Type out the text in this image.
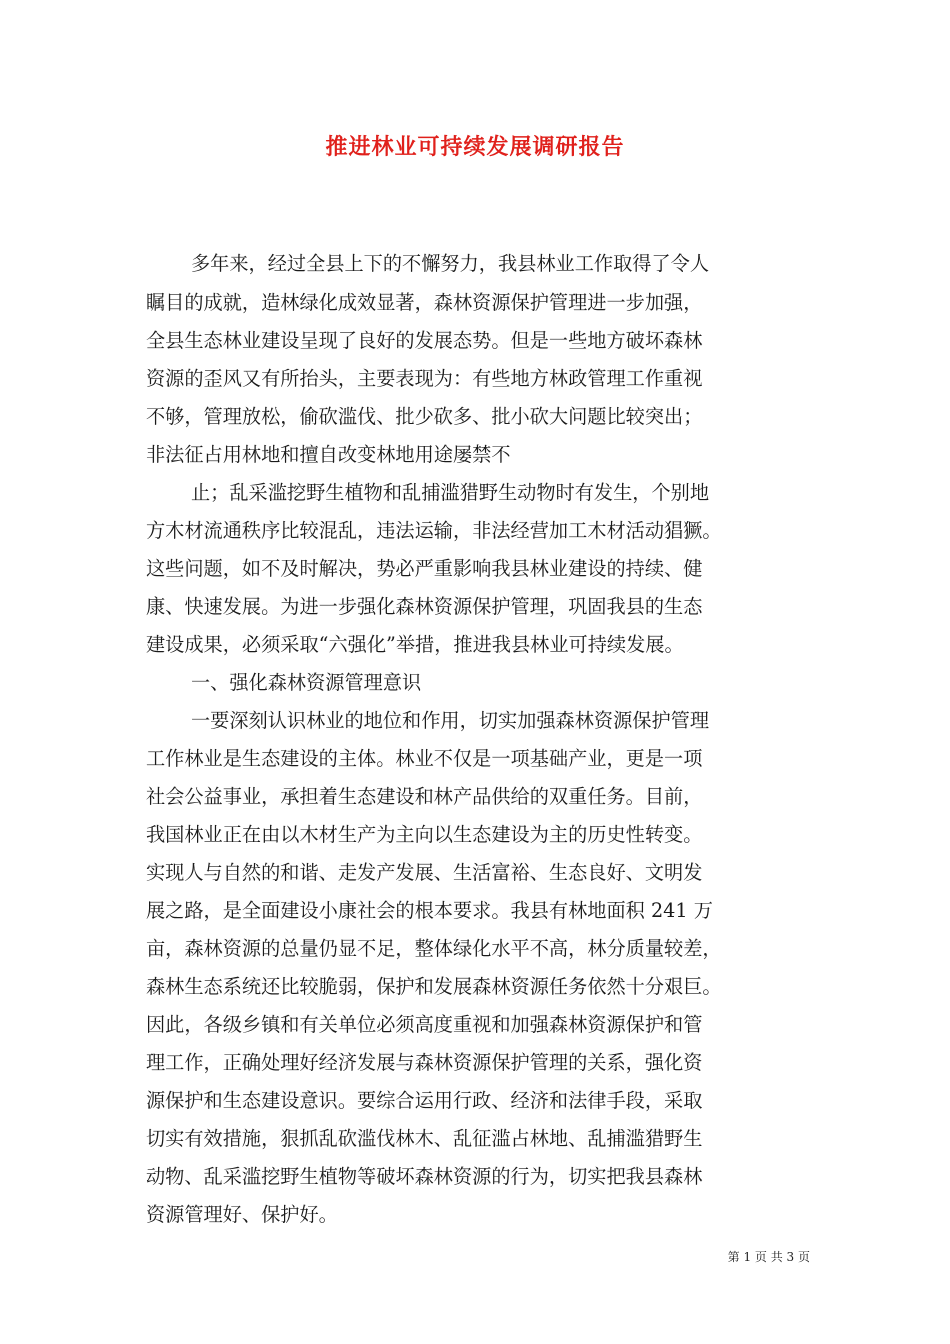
推进林业可持续发展调研报告
多年来，经过全县上下的不懈努力，我县林业工作取得了令人
瞩目的成就，造林绿化成效显著，森林资源保护管理进一步加强，
全县生态林业建设呈现了良好的发展态势。但是一些地方破坏森林
资源的歪风又有所抬头，主要表现为：有些地方林政管理工作重视
不够，管理放松，偷砍滥伐、批少砍多、批小砍大问题比较突出；
非法征占用林地和擅自改变林地用途屡禁不
止；乱采滥挖野生植物和乱捕滥猎野生动物时有发生，个别地
方木材流通秩序比较混乱，违法运输，非法经营加工木材活动猖獗。
这些问题，如不及时解决，势必严重影响我县林业建设的持续、健
康、快速发展。为进一步强化森林资源保护管理，巩固我县的生态
建设成果，必须采取“六强化”举措，推进我县林业可持续发展。
一、强化森林资源管理意识
一要深刻认识林业的地位和作用，切实加强森林资源保护管理
工作林业是生态建设的主体。林业不仅是一项基础产业，更是一项
社会公益事业，承担着生态建设和林产品供给的双重任务。目前，
我国林业正在由以木材生产为主向以生态建设为主的历史性转变。
实现人与自然的和谐、走发产发展、生活富裕、生态良好、文明发
展之路，是全面建设小康社会的根本要求。我县有林地面积 241 万
亩，森林资源的总量仍显不足，整体绿化水平不高，林分质量较差，
森林生态系统还比较脆弱，保护和发展森林资源任务依然十分艰巨。
因此，各级乡镇和有关单位必须高度重视和加强森林资源保护和管
理工作，正确处理好经济发展与森林资源保护管理的关系，强化资
源保护和生态建设意识。要综合运用行政、经济和法律手段，采取
切实有效措施，狠抓乱砍滥伐林木、乱征滥占林地、乱捕滥猎野生
动物、乱采滥挖野生植物等破坏森林资源的行为，切实把我县森林
资源管理好、保护好。
第 1 页 共 3 页
